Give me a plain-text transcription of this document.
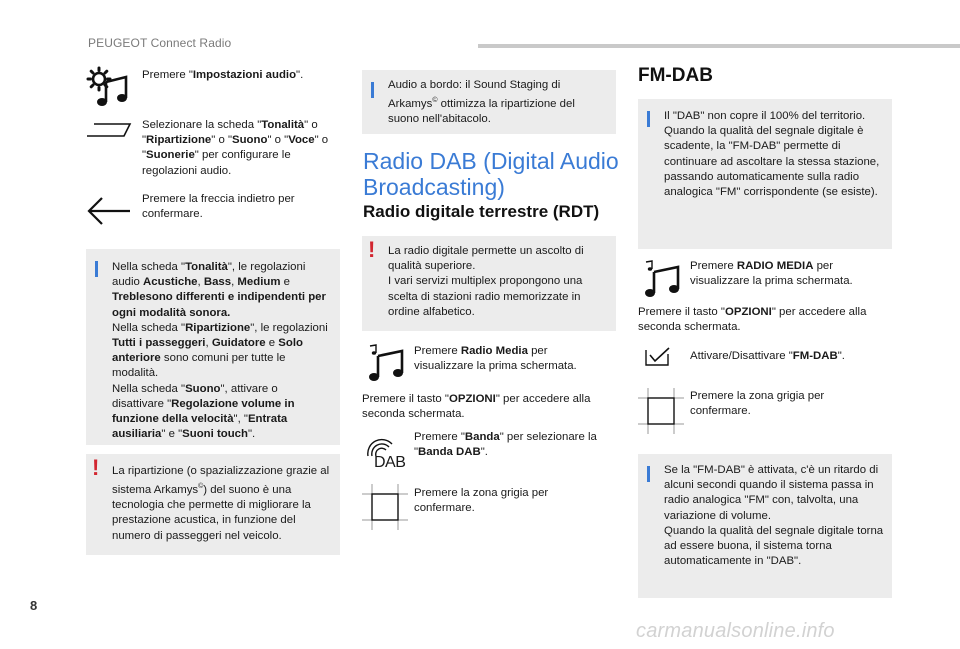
PEUGEOT Connect Radio
Premere "Impostazioni audio".
Selezionare la scheda "Tonalità" o "Ripartizione" o "Suono" o "Voce" o "Suonerie" per configurare le regolazioni audio.
Premere la freccia indietro per confermare.
Nella scheda "Tonalità", le regolazioni audio Acustiche, Bass, Medium e Treblesono differenti e indipendenti per ogni modalità sonora.
Nella scheda "Ripartizione", le regolazioni Tutti i passeggeri, Guidatore e Solo anteriore sono comuni per tutte le modalità.
Nella scheda "Suono", attivare o disattivare "Regolazione volume in funzione della velocità", "Entrata ausiliaria" e "Suoni touch".
! La ripartizione (o spazializzazione grazie al sistema Arkamys©) del suono è una tecnologia che permette di migliorare la prestazione acustica, in funzione del numero di passeggeri nel veicolo.
Audio a bordo: il Sound Staging di Arkamys© ottimizza la ripartizione del suono nell'abitacolo.
Radio DAB (Digital Audio Broadcasting)
Radio digitale terrestre (RDT)
! La radio digitale permette un ascolto di qualità superiore.
I vari servizi multiplex propongono una scelta di stazioni radio memorizzate in ordine alfabetico.
Premere Radio Media per visualizzare la prima schermata.
Premere il tasto "OPZIONI" per accedere alla seconda schermata.
DAB
Premere "Banda" per selezionare la "Banda DAB".
Premere la zona grigia per confermare.
FM-DAB
Il "DAB" non copre il 100% del territorio. Quando la qualità del segnale digitale è scadente, la "FM-DAB" permette di continuare ad ascoltare la stessa stazione, passando automaticamente sulla radio analogica "FM" corrispondente (se esiste).
Premere RADIO MEDIA per visualizzare la prima schermata.
Premere il tasto "OPZIONI" per accedere alla seconda schermata.
Attivare/Disattivare "FM-DAB".
Premere la zona grigia per confermare.
Se la "FM-DAB" è attivata, c'è un ritardo di alcuni secondi quando il sistema passa in radio analogica "FM" con, talvolta, una variazione di volume.
Quando la qualità del segnale digitale torna ad essere buona, il sistema torna automaticamente in "DAB".
8
carmanualsonline.info
